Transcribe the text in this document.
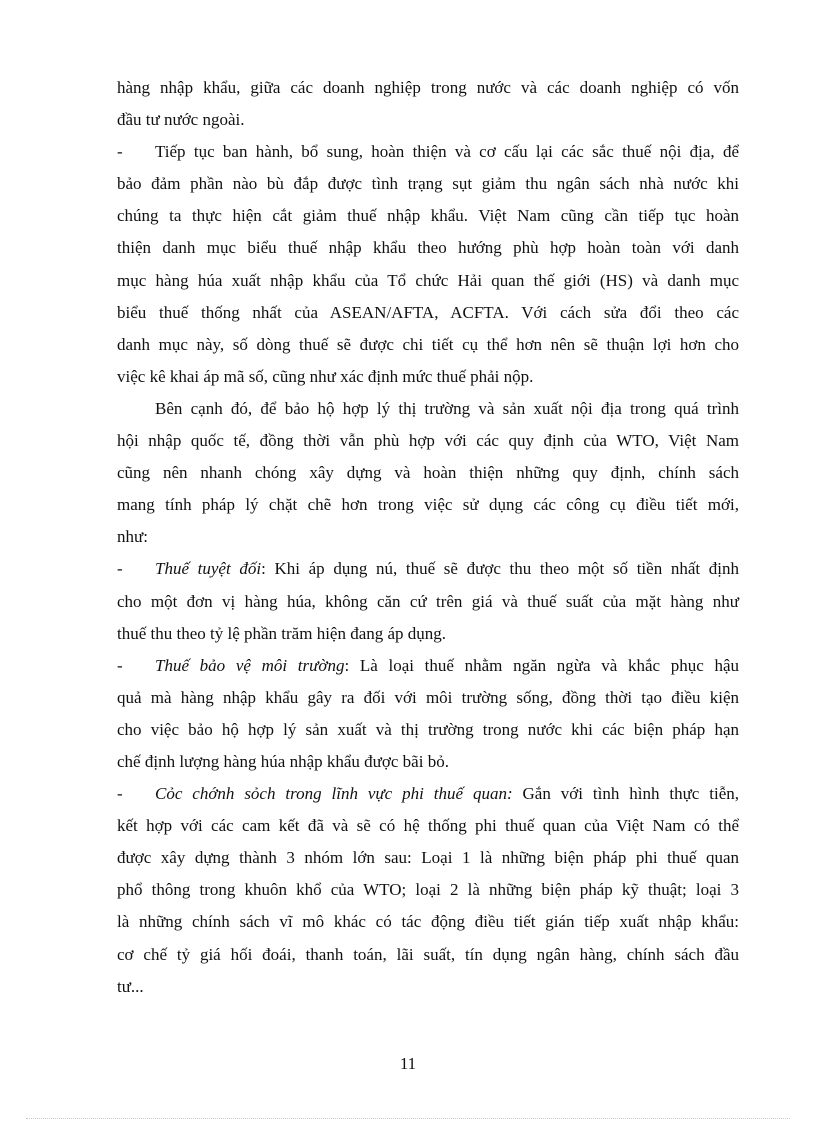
hàng nhập khẩu, giữa các doanh nghiệp trong nước và các doanh nghiệp có vốn
đầu tư nước ngoài.
- Tiếp tục ban hành, bổ sung, hoàn thiện và cơ cấu lại các sắc thuế nội địa, để
bảo đảm phần nào bù đắp được tình trạng sụt giảm thu ngân sách nhà nước khi
chúng ta thực hiện cắt giảm thuế nhập khẩu. Việt Nam cũng cần tiếp tục hoàn
thiện danh mục biểu thuế nhập khẩu theo hướng phù hợp hoàn toàn với danh
mục hàng húa xuất nhập khẩu của Tổ chức Hải quan thế giới (HS) và danh mục
biểu thuế thống nhất của ASEAN/AFTA, ACFTA. Với cách sửa đổi theo các
danh mục này, số dòng thuế sẽ được chi tiết cụ thể hơn nên sẽ thuận lợi hơn cho
việc kê khai áp mã số, cũng như xác định mức thuế phải nộp.
Bên cạnh đó, để bảo hộ hợp lý thị trường và sản xuất nội địa trong quá trình
hội nhập quốc tế, đồng thời vẫn phù hợp với các quy định của WTO, Việt Nam
cũng nên nhanh chóng xây dựng và hoàn thiện những quy định, chính sách
mang tính pháp lý chặt chẽ hơn trong việc sử dụng các công cụ điều tiết mới,
như:
- Thuế tuyệt đối: Khi áp dụng nú, thuế sẽ được thu theo một số tiền nhất định
cho một đơn vị hàng húa, không căn cứ trên giá và thuế suất của mặt hàng như
thuế thu theo tỷ lệ phần trăm hiện đang áp dụng.
- Thuế bảo vệ môi trường: Là loại thuế nhằm ngăn ngừa và khắc phục hậu
quả mà hàng nhập khẩu gây ra đối với môi trường sống, đồng thời tạo điều kiện
cho việc bảo hộ hợp lý sản xuất và thị trường trong nước khi các biện pháp hạn
chế định lượng hàng húa nhập khẩu được bãi bỏ.
- Cỏc chớnh sỏch trong lĩnh vực phi thuế quan: Gắn với tình hình thực tiễn,
kết hợp với các cam kết đã và sẽ có hệ thống phi thuế quan của Việt Nam có thể
được xây dựng thành 3 nhóm lớn sau: Loại 1 là những biện pháp phi thuế quan
phổ thông trong khuôn khổ của WTO; loại 2 là những biện pháp kỹ thuật; loại 3
là những chính sách vĩ mô khác có tác động điều tiết gián tiếp xuất nhập khẩu:
cơ chế tỷ giá hối đoái, thanh toán, lãi suất, tín dụng ngân hàng, chính sách đầu
tư...
11
